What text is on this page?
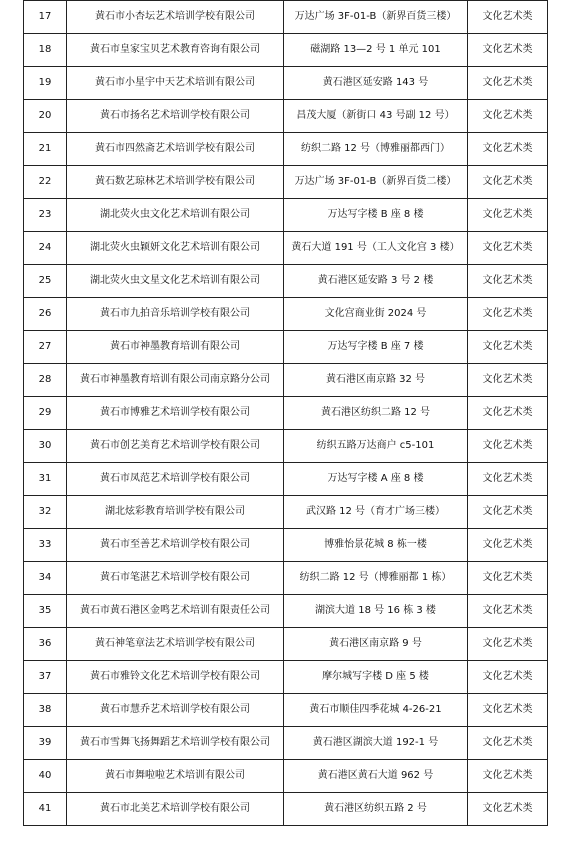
17	黄石市小杏坛艺术培训学校有限公司	万达广场 3F-01-B（新界百货三楼）	文化艺术类
18	黄石市皇家宝贝艺术教育咨询有限公司	磁湖路 13—2 号 1 单元 101	文化艺术类
19	黄石市小星宇中天艺术培训有限公司	黄石港区延安路 143 号	文化艺术类
20	黄石市扬名艺术培训学校有限公司	昌茂大厦（新街口 43 号副 12 号）	文化艺术类
21	黄石市四然斋艺术培训学校有限公司	纺织二路 12 号（博雅丽都西门）	文化艺术类
22	黄石数艺琼林艺术培训学校有限公司	万达广场 3F-01-B（新界百货二楼）	文化艺术类
23	湖北荧火虫文化艺术培训有限公司	万达写字楼 B 座 8 楼	文化艺术类
24	湖北荧火虫颖妍文化艺术培训有限公司	黄石大道 191 号（工人文化宫 3 楼）	文化艺术类
25	湖北荧火虫文星文化艺术培训有限公司	黄石港区延安路 3 号 2 楼	文化艺术类
26	黄石市九拍音乐培训学校有限公司	文化宫商业街 2024 号	文化艺术类
27	黄石市神墨教育培训有限公司	万达写字楼 B 座 7 楼	文化艺术类
28	黄石市神墨教育培训有限公司南京路分公司	黄石港区南京路 32 号	文化艺术类
29	黄石市博雅艺术培训学校有限公司	黄石港区纺织二路 12 号	文化艺术类
30	黄石市创艺美育艺术培训学校有限公司	纺织五路万达商户 c5-101	文化艺术类
31	黄石市凤范艺术培训学校有限公司	万达写字楼 A 座 8 楼	文化艺术类
32	湖北炫彩教育培训学校有限公司	武汉路 12 号（育才广场三楼）	文化艺术类
33	黄石市至善艺术培训学校有限公司	博雅怡景花城 8 栋一楼	文化艺术类
34	黄石市笔湛艺术培训学校有限公司	纺织二路 12 号（博雅丽都 1 栋）	文化艺术类
35	黄石市黄石港区金鸣艺术培训有限责任公司	湖滨大道 18 号 16 栋 3 楼	文化艺术类
36	黄石神笔章法艺术培训学校有限公司	黄石港区南京路 9 号	文化艺术类
37	黄石市雅铃文化艺术培训学校有限公司	摩尔城写字楼 D 座 5 楼	文化艺术类
38	黄石市慧乔艺术培训学校有限公司	黄石市顺佳四季花城 4-26-21	文化艺术类
39	黄石市雪舞飞扬舞蹈艺术培训学校有限公司	黄石港区湖滨大道 192-1 号	文化艺术类
40	黄石市舞啦啦艺术培训有限公司	黄石港区黄石大道 962 号	文化艺术类
41	黄石市北美艺术培训学校有限公司	黄石港区纺织五路 2 号	文化艺术类
